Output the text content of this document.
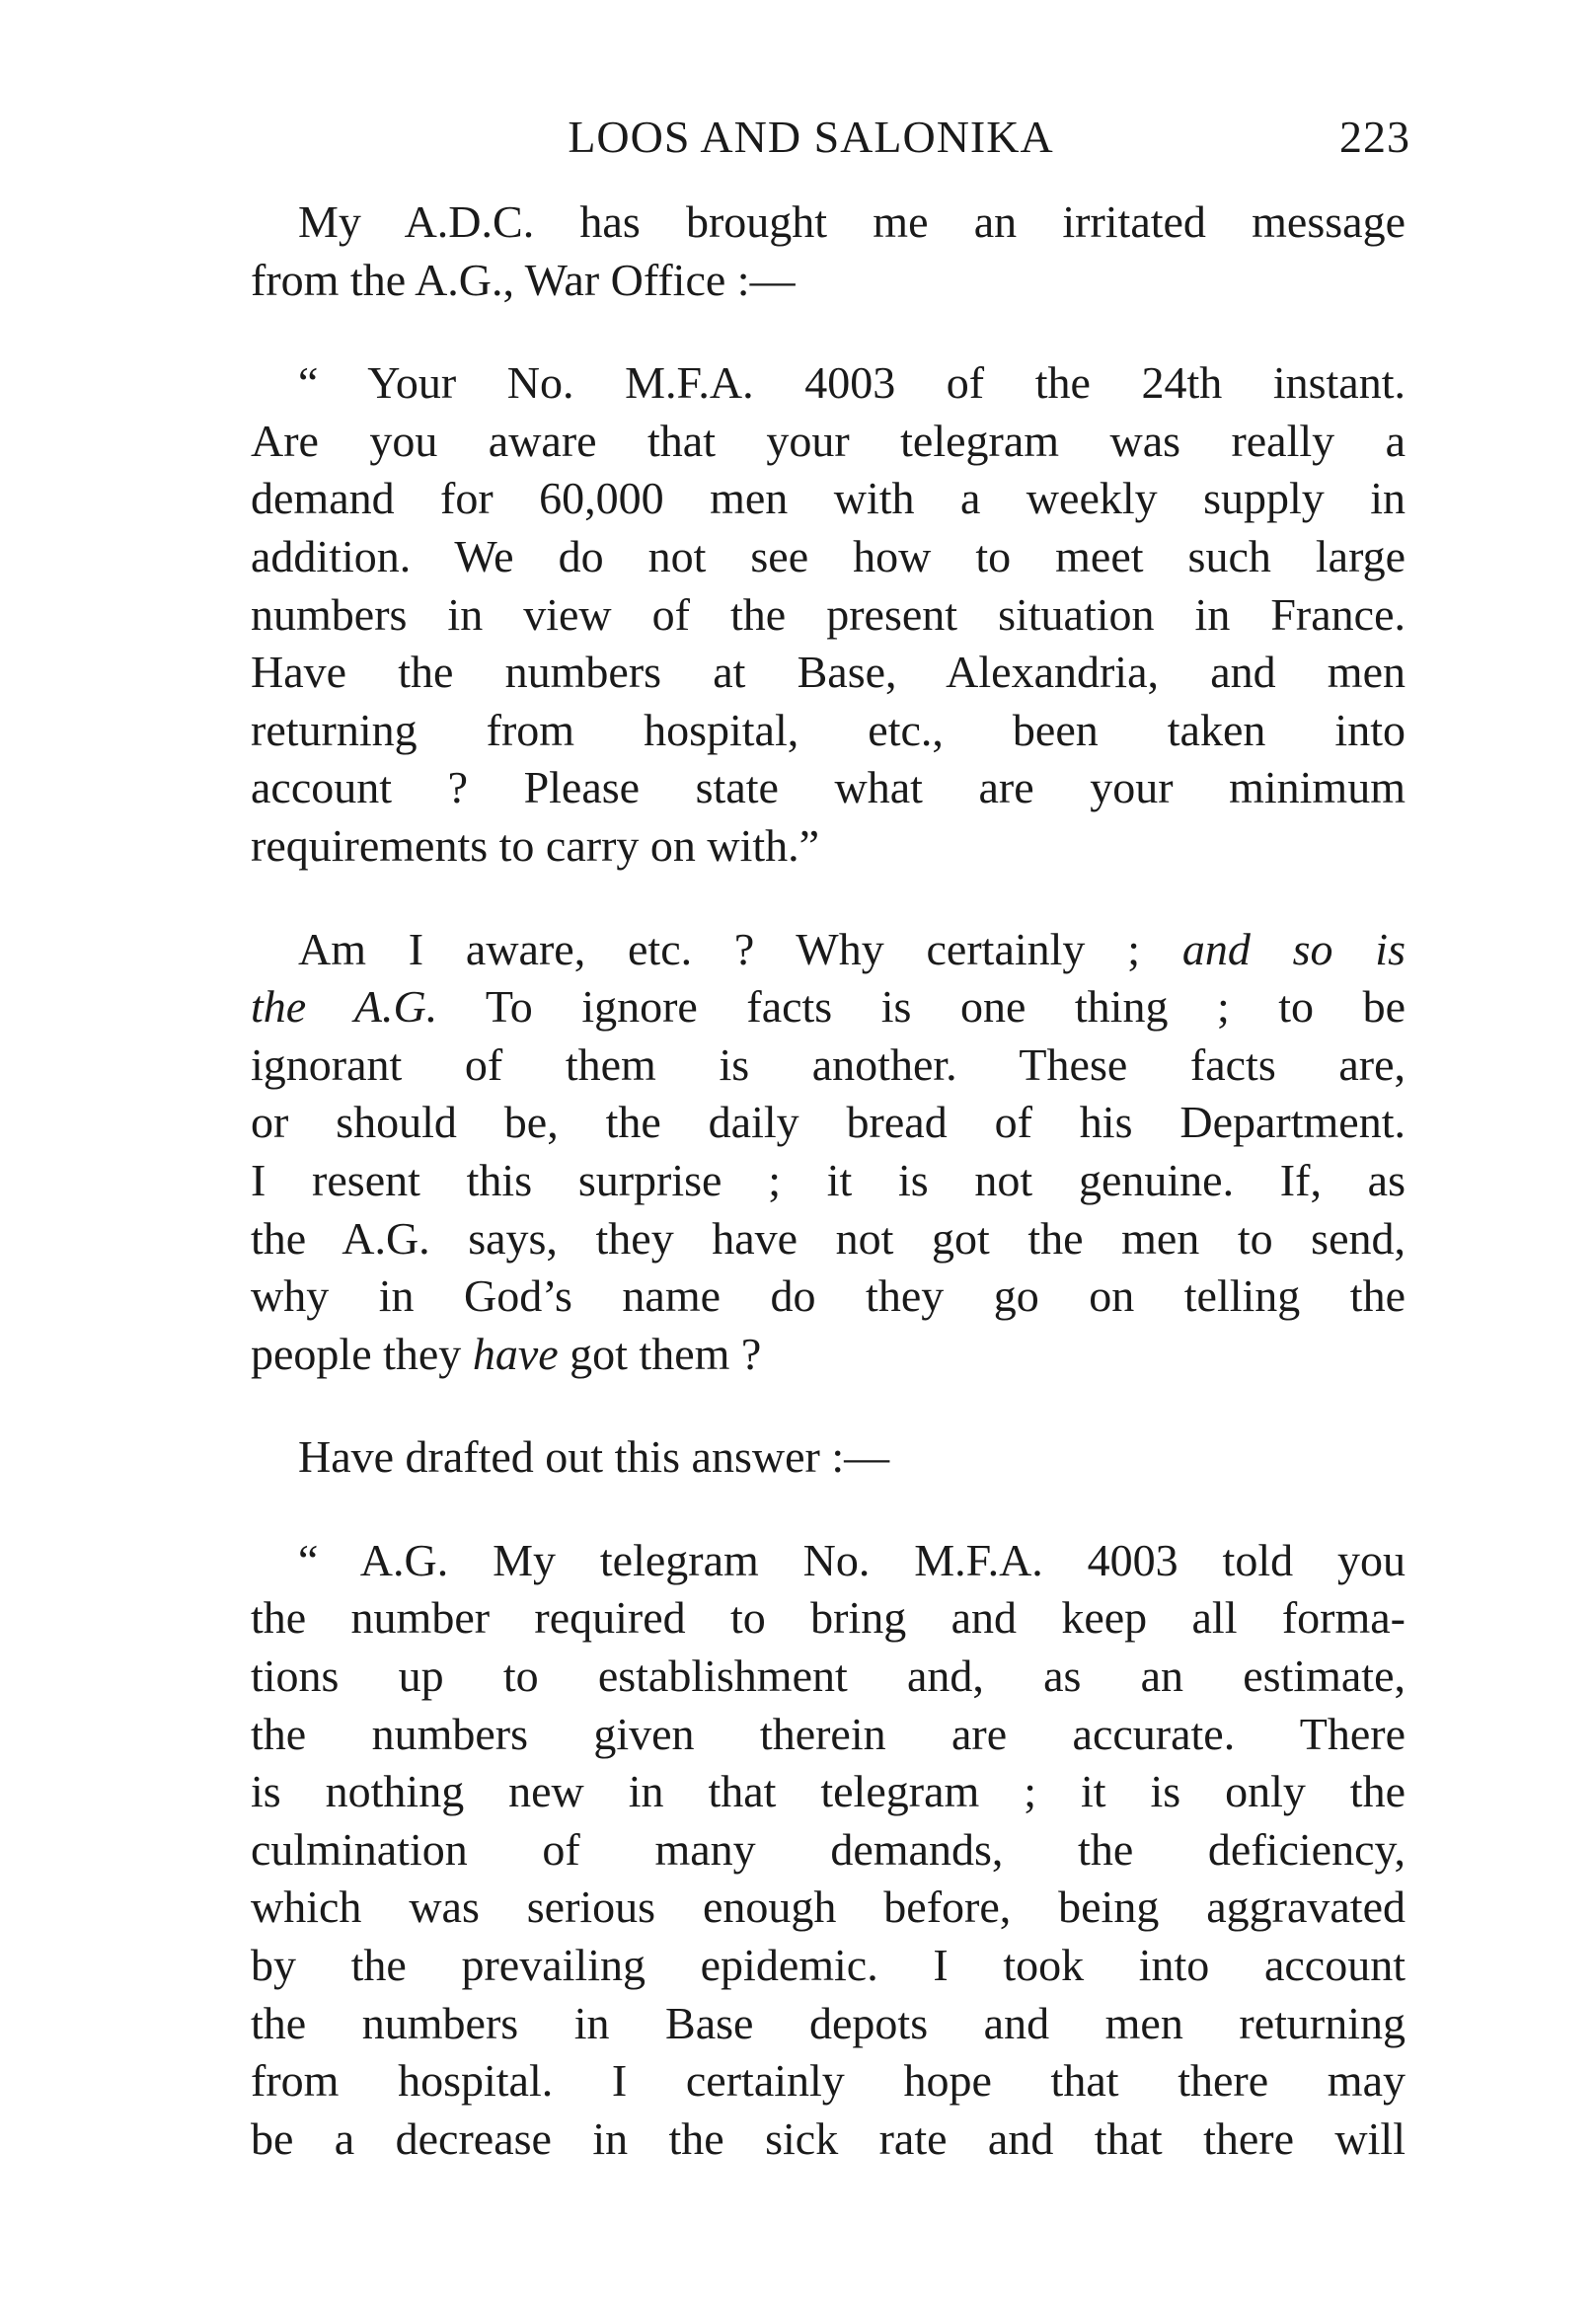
LOOS AND SALONIKA	223
My A.D.C. has brought me an irritated message
from the A.G., War Office :—
“ Your No. M.F.A. 4003 of the 24th instant.
Are you aware that your telegram was really a
demand for 60,000 men with a weekly supply in
addition. We do not see how to meet such large
numbers in view of the present situation in France.
Have the numbers at Base, Alexandria, and men
returning from hospital, etc., been taken into
account ? Please state what are your minimum
requirements to carry on with.”
Am I aware, etc. ? Why certainly ; and so is
the A.G. To ignore facts is one thing ; to be
ignorant of them is another. These facts are,
or should be, the daily bread of his Department.
I resent this surprise ; it is not genuine. If, as
the A.G. says, they have not got the men to send,
why in God’s name do they go on telling the
people they have got them ?
Have drafted out this answer :—
“ A.G. My telegram No. M.F.A. 4003 told you
the number required to bring and keep all forma-
tions up to establishment and, as an estimate,
the numbers given therein are accurate. There
is nothing new in that telegram ; it is only the
culmination of many demands, the deficiency,
which was serious enough before, being aggravated
by the prevailing epidemic. I took into account
the numbers in Base depots and men returning
from hospital. I certainly hope that there may
be a decrease in the sick rate and that there will
